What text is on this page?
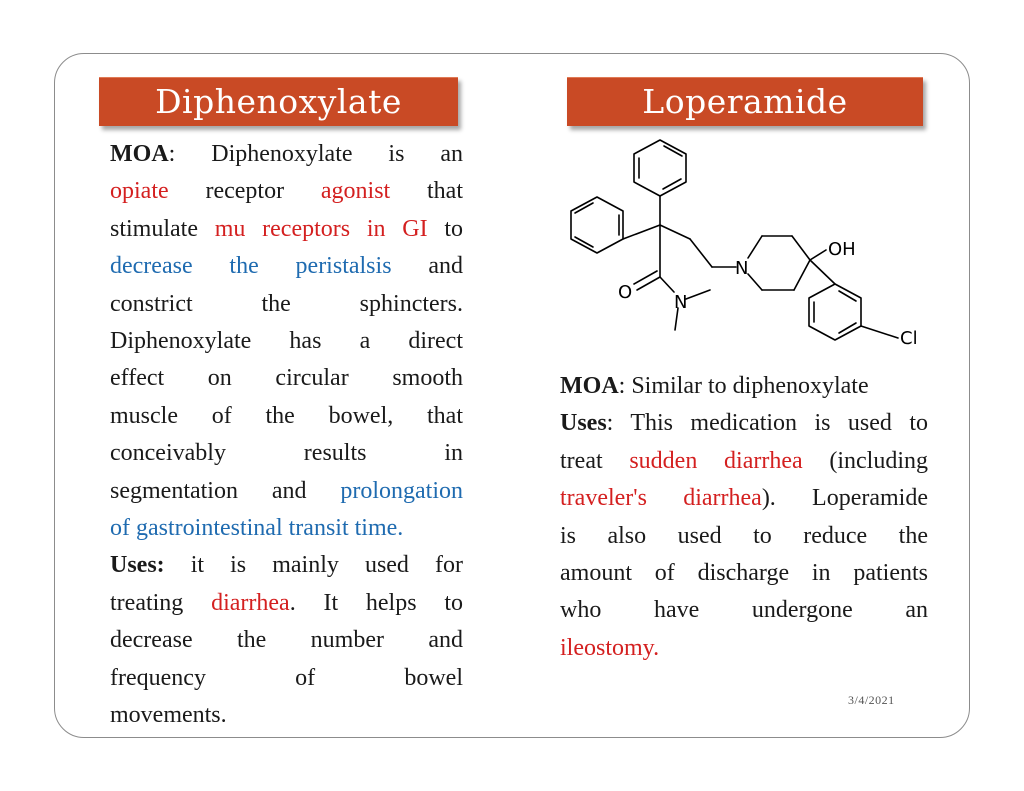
Diphenoxylate
MOA: Diphenoxylate is an
opiate receptor agonist that
stimulate mu receptors in GI to
decrease the peristalsis and
constrict the sphincters.
Diphenoxylate has a direct
effect on circular smooth
muscle of the bowel, that
conceivably results in
segmentation and prolongation
of gastrointestinal transit time.
Uses: it is mainly used for
treating diarrhea. It helps to
decrease the number and
frequency of bowel
movements.
Loperamide
N
OH
N
O
Cl
MOA: Similar to diphenoxylate
Uses: This medication is used to
treat sudden diarrhea (including
traveler's diarrhea). Loperamide
is also used to reduce the
amount of discharge in patients
who have undergone an
ileostomy.
3/4/2021
